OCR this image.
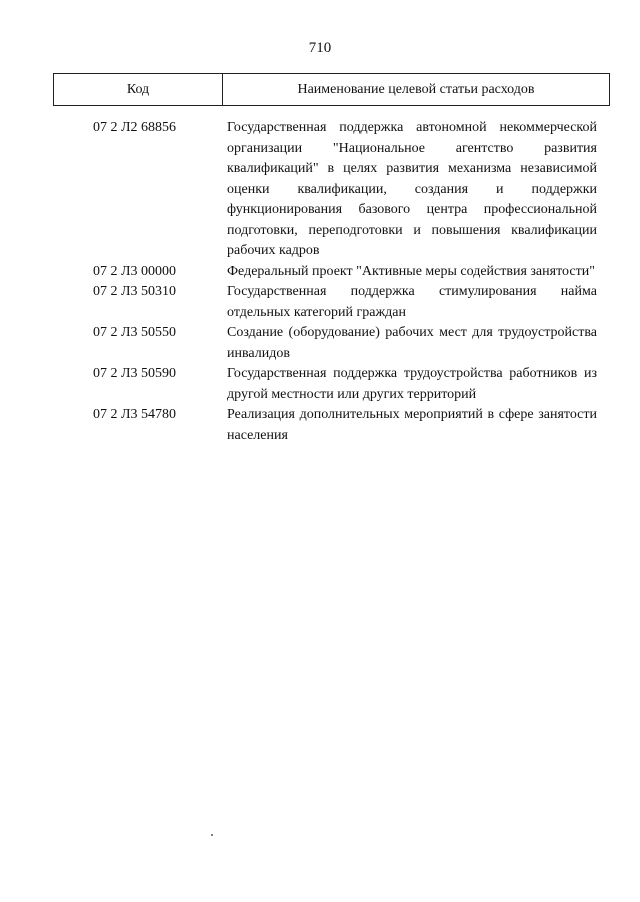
710
Код	Наименование целевой статьи расходов
07 2 Л2 68856	Государственная поддержка автономной некоммерческой организации "Национальное агентство развития квалификаций" в целях развития механизма независимой оценки квалификации, создания и поддержки функционирования базового центра профессиональной подготовки, переподготовки и повышения квалификации рабочих кадров
07 2 Л3 00000	Федеральный проект "Активные меры содействия занятости"
07 2 Л3 50310	Государственная поддержка стимулирования найма отдельных категорий граждан
07 2 Л3 50550	Создание (оборудование) рабочих мест для трудоустройства инвалидов
07 2 Л3 50590	Государственная поддержка трудоустройства работников из другой местности или других территорий
07 2 Л3 54780	Реализация дополнительных мероприятий в сфере занятости населения
